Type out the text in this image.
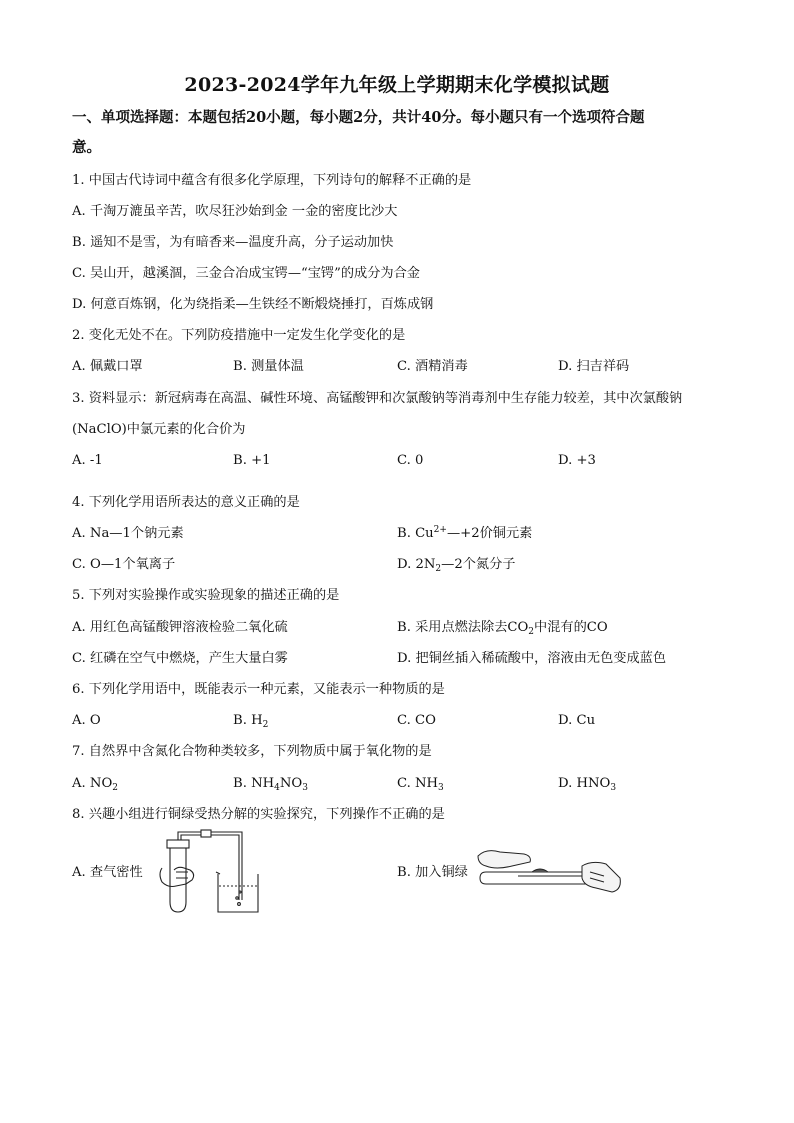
2023-2024学年九年级上学期期末化学模拟试题
一、单项选择题：本题包括20小题，每小题2分，共计40分。每小题只有一个选项符合题
意。
1. 中国古代诗词中蕴含有很多化学原理，下列诗句的解释不正确的是
A. 千淘万漉虽辛苦，吹尽狂沙始到金 一金的密度比沙大
B. 遥知不是雪，为有暗香来—温度升高，分子运动加快
C. 吴山开，越溪涸，三金合冶成宝锷—“宝锷”的成分为合金
D. 何意百炼钢，化为绕指柔—生铁经不断煅烧捶打，百炼成钢
2. 变化无处不在。下列防疫措施中一定发生化学变化的是
A. 佩戴口罩	B. 测量体温	C. 酒精消毒	D. 扫吉祥码
3. 资料显示：新冠病毒在高温、碱性环境、高锰酸钾和次氯酸钠等消毒剂中生存能力较差，其中次氯酸钠
(NaClO)中氯元素的化合价为
A. -1	B. +1	C. 0	D. +3
4. 下列化学用语所表达的意义正确的是
A. Na—1个钠元素	B. $Cu^{2+}—+2$价铜元素
C. O—1个氧离子	D. $2N_2—2$个氮分子
5. 下列对实验操作或实验现象的描述正确的是
A. 用红色高锰酸钾溶液检验二氧化硫	B. 采用点燃法除去$CO_2$中混有的CO
C. 红磷在空气中燃烧，产生大量白雾	D. 把铜丝插入稀硫酸中，溶液由无色变成蓝色
6. 下列化学用语中，既能表示一种元素，又能表示一种物质的是
A. O	B. $H_2$	C. CO	D. Cu
7. 自然界中含氮化合物种类较多，下列物质中属于氧化物的是
A. $NO_2$	B. $NH_4NO_3$	C. $NH_3$	D. $HNO_3$
8. 兴趣小组进行铜绿受热分解的实验探究，下列操作不正确的是
A. 查气密性	B. 加入铜绿
